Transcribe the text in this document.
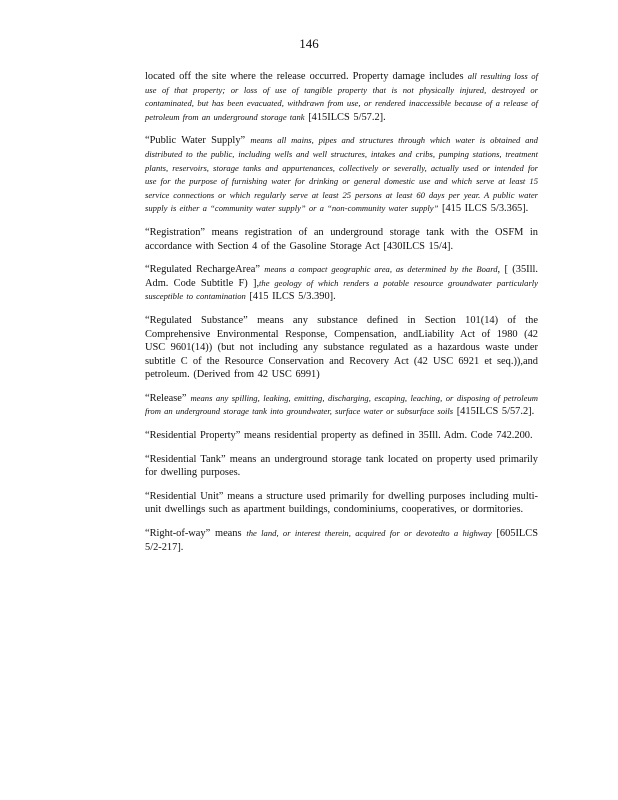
146

located off the site where the release occurred. Property damage includes all resulting loss of use of that property; or loss of use of tangible property that is not physically injured, destroyed or contaminated, but has been evacuated, withdrawn from use, or rendered inaccessible because of a release of petroleum from an underground storage tank [415ILCS 5/57.2].

“Public Water Supply” means all mains, pipes and structures through which water is obtained and distributed to the public, including wells and well structures, intakes and cribs, pumping stations, treatment plants, reservoirs, storage tanks and appurtenances, collectively or severally, actually used or intended for use for the purpose of furnishing water for drinking or general domestic use and which serve at least 15 service connections or which regularly serve at least 25 persons at least 60 days per year. A public water supply is either a “community water supply” or a “non-community water supply” [415 ILCS 5/3.365].

“Registration” means registration of an underground storage tank with the OSFM in accordance with Section 4 of the Gasoline Storage Act [430ILCS 15/4].

“Regulated RechargeArea” means a compact geographic area, as determined by the Board, [ (35Ill. Adm. Code Subtitle F) ],the geology of which renders a potable resource groundwater particularly susceptible to contamination [415 ILCS 5/3.390].

“Regulated Substance” means any substance defined in Section 101(14) of the Comprehensive Environmental Response, Compensation, andLiability Act of 1980 (42 USC 9601(14)) (but not including any substance regulated as a hazardous waste under subtitle C of the Resource Conservation and Recovery Act (42 USC 6921 et seq.)),and petroleum. (Derived from 42 USC 6991)

“Release” means any spilling, leaking, emitting, discharging, escaping, leaching, or disposing of petroleum from an underground storage tank into groundwater, surface water or subsurface soils [415ILCS 5/57.2].

“Residential Property” means residential property as defined in 35Ill. Adm. Code 742.200.

“Residential Tank” means an underground storage tank located on property used primarily for dwelling purposes.

“Residential Unit” means a structure used primarily for dwelling purposes including multi-unit dwellings such as apartment buildings, condominiums, cooperatives, or dormitories.

“Right-of-way” means the land, or interest therein, acquired for or devotedto a highway [605ILCS 5/2-217].
